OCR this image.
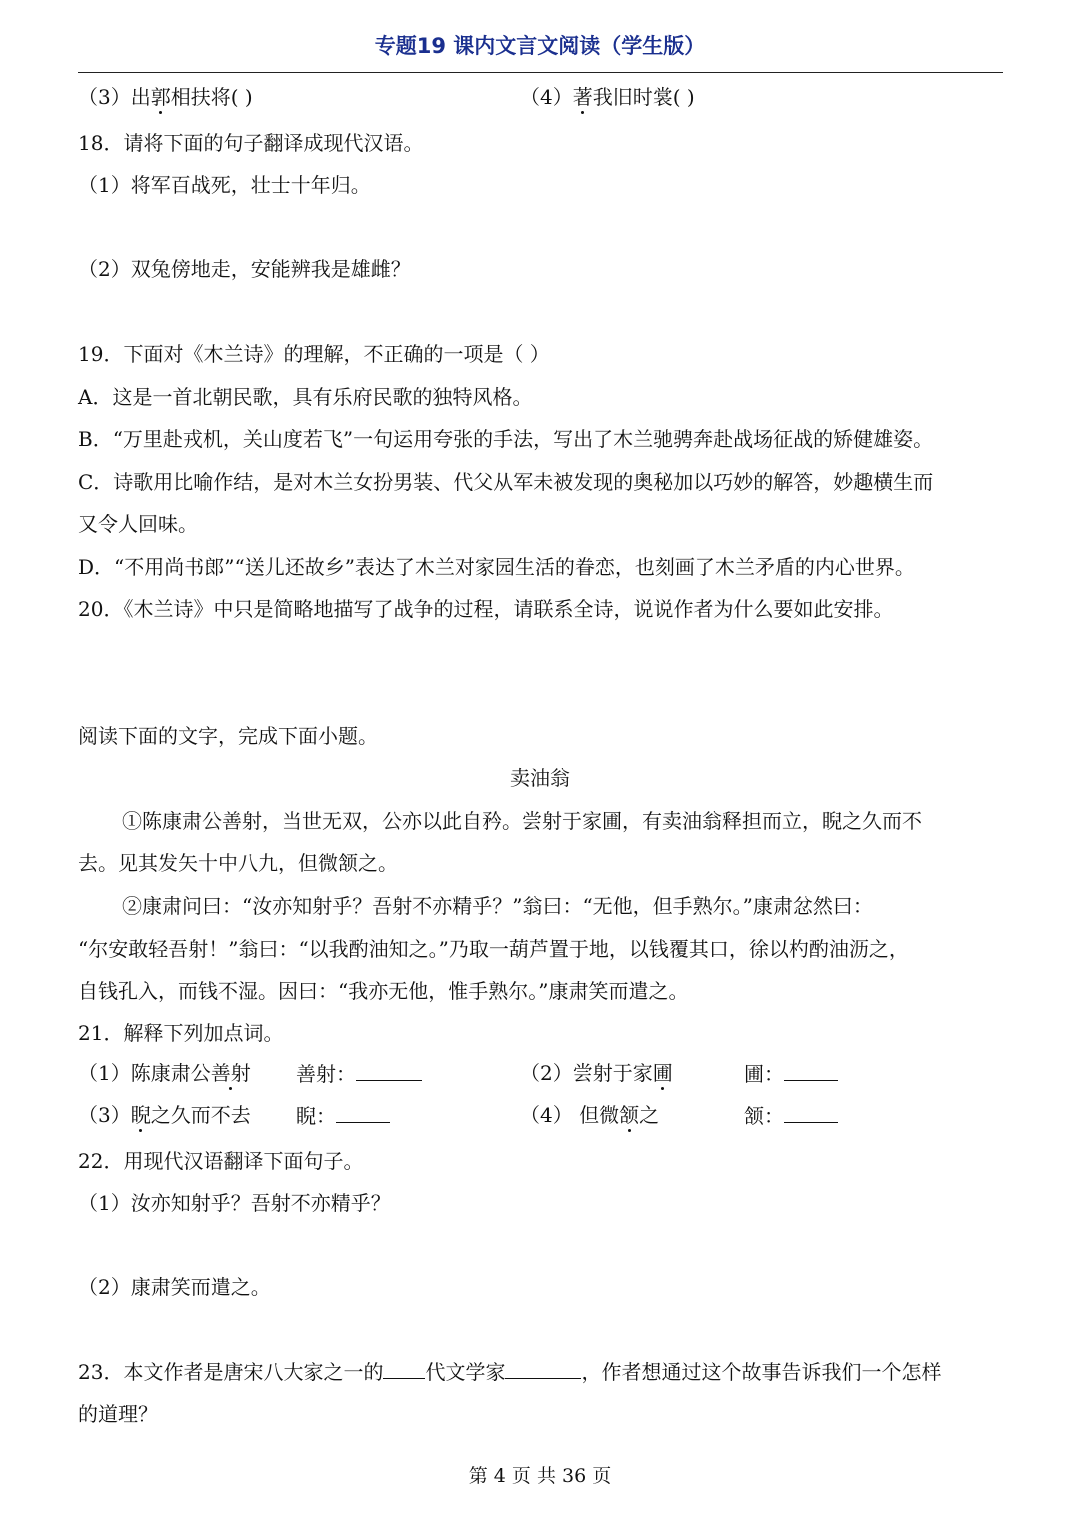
专题19 课内文言文阅读（学生版）
（3）出郭相扶将( )	（4）著我旧时裳( )
18．请将下面的句子翻译成现代汉语。
（1）将军百战死，壮士十年归。
（2）双兔傍地走，安能辨我是雄雌？
19．下面对《木兰诗》的理解，不正确的一项是（ ）
A．这是一首北朝民歌，具有乐府民歌的独特风格。
B．“万里赴戎机，关山度若飞”一句运用夸张的手法，写出了木兰驰骋奔赴战场征战的矫健雄姿。
C．诗歌用比喻作结，是对木兰女扮男装、代父从军未被发现的奥秘加以巧妙的解答，妙趣横生而
又令人回味。
D．“不用尚书郎”“送儿还故乡”表达了木兰对家园生活的眷恋，也刻画了木兰矛盾的内心世界。
20．《木兰诗》中只是简略地描写了战争的过程，请联系全诗，说说作者为什么要如此安排。
阅读下面的文字，完成下面小题。
卖油翁
①陈康肃公善射，当世无双，公亦以此自矜。尝射于家圃，有卖油翁释担而立，睨之久而不
去。见其发矢十中八九，但微颔之。
②康肃问曰：“汝亦知射乎？吾射不亦精乎？”翁曰：“无他，但手熟尔。”康肃忿然曰：
“尔安敢轻吾射！”翁曰：“以我酌油知之。”乃取一葫芦置于地，以钱覆其口，徐以杓酌油沥之，
自钱孔入，而钱不湿。因曰：“我亦无他，惟手熟尔。”康肃笑而遣之。
21．解释下列加点词。
（1）陈康肃公善射 善射：	（2）尝射于家圃	圃：
（3）睨之久而不去 睨：	（4） 但微颔之	颔：
22．用现代汉语翻译下面句子。
（1）汝亦知射乎？吾射不亦精乎？
（2）康肃笑而遣之。
23．本文作者是唐宋八大家之一的 代文学家	，作者想通过这个故事告诉我们一个怎样
的道理？
第 4 页 共 36 页
